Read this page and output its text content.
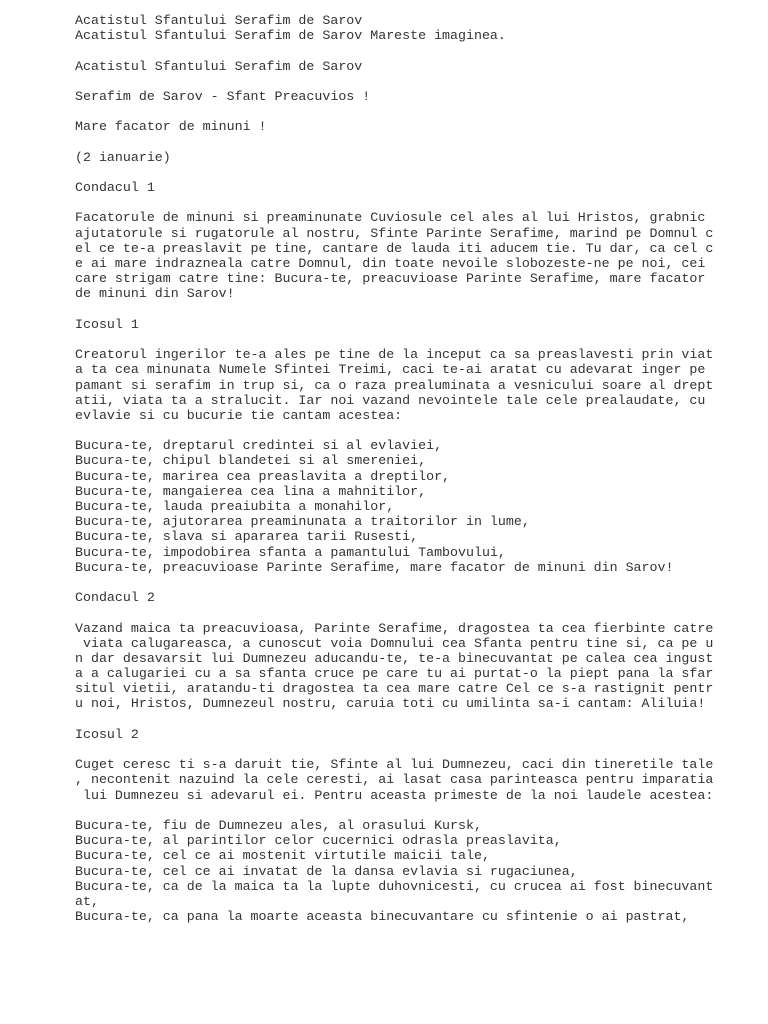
Acatistul Sfantului Serafim de Sarov
Acatistul Sfantului Serafim de Sarov Mareste imaginea.
Acatistul Sfantului Serafim de Sarov
Serafim de Sarov - Sfant Preacuvios !
Mare facator de minuni !
(2 ianuarie)
Condacul 1
Facatorule de minuni si preaminunate Cuviosule cel ales al lui Hristos, grabnic
ajutatorule si rugatorule al nostru, Sfinte Parinte Serafime, marind pe Domnul c
el ce te-a preaslavit pe tine, cantare de lauda iti aducem tie. Tu dar, ca cel c
e ai mare indrazneala catre Domnul, din toate nevoile slobozeste-ne pe noi, cei
care strigam catre tine: Bucura-te, preacuvioase Parinte Serafime, mare facator
de minuni din Sarov!
Icosul 1
Creatorul ingerilor te-a ales pe tine de la inceput ca sa preaslavesti prin viat
a ta cea minunata Numele Sfintei Treimi, caci te-ai aratat cu adevarat inger pe
pamant si serafim in trup si, ca o raza prealuminata a vesnicului soare al drept
atii, viata ta a stralucit. Iar noi vazand nevointele tale cele prealaudate, cu
evlavie si cu bucurie tie cantam acestea:
Bucura-te, dreptarul credintei si al evlaviei,
Bucura-te, chipul blandetei si al smereniei,
Bucura-te, marirea cea preaslavita a dreptilor,
Bucura-te, mangaierea cea lina a mahnitilor,
Bucura-te, lauda preaiubita a monahilor,
Bucura-te, ajutorarea preaminunata a traitorilor in lume,
Bucura-te, slava si apararea tarii Rusesti,
Bucura-te, impodobirea sfanta a pamantului Tambovului,
Bucura-te, preacuvioase Parinte Serafime, mare facator de minuni din Sarov!
Condacul 2
Vazand maica ta preacuvioasa, Parinte Serafime, dragostea ta cea fierbinte catre
viata calugareasca, a cunoscut voia Domnului cea Sfanta pentru tine si, ca pe u
n dar desavarsit lui Dumnezeu aducandu-te, te-a binecuvantat pe calea cea ingust
a a calugariei cu a sa sfanta cruce pe care tu ai purtat-o la piept pana la sfar
situl vietii, aratandu-ti dragostea ta cea mare catre Cel ce s-a rastignit pentr
u noi, Hristos, Dumnezeul nostru, caruia toti cu umilinta sa-i cantam: Aliluia!
Icosul 2
Cuget ceresc ti s-a daruit tie, Sfinte al lui Dumnezeu, caci din tineretile tale
, necontenit nazuind la cele ceresti, ai lasat casa parinteasca pentru imparatia
lui Dumnezeu si adevarul ei. Pentru aceasta primeste de la noi laudele acestea:
Bucura-te, fiu de Dumnezeu ales, al orasului Kursk,
Bucura-te, al parintilor celor cucernici odrasla preaslavita,
Bucura-te, cel ce ai mostenit virtutile maicii tale,
Bucura-te, cel ce ai invatat de la dansa evlavia si rugaciunea,
Bucura-te, ca de la maica ta la lupte duhovnicesti, cu crucea ai fost binecuvant
at,
Bucura-te, ca pana la moarte aceasta binecuvantare cu sfintenie o ai pastrat,
